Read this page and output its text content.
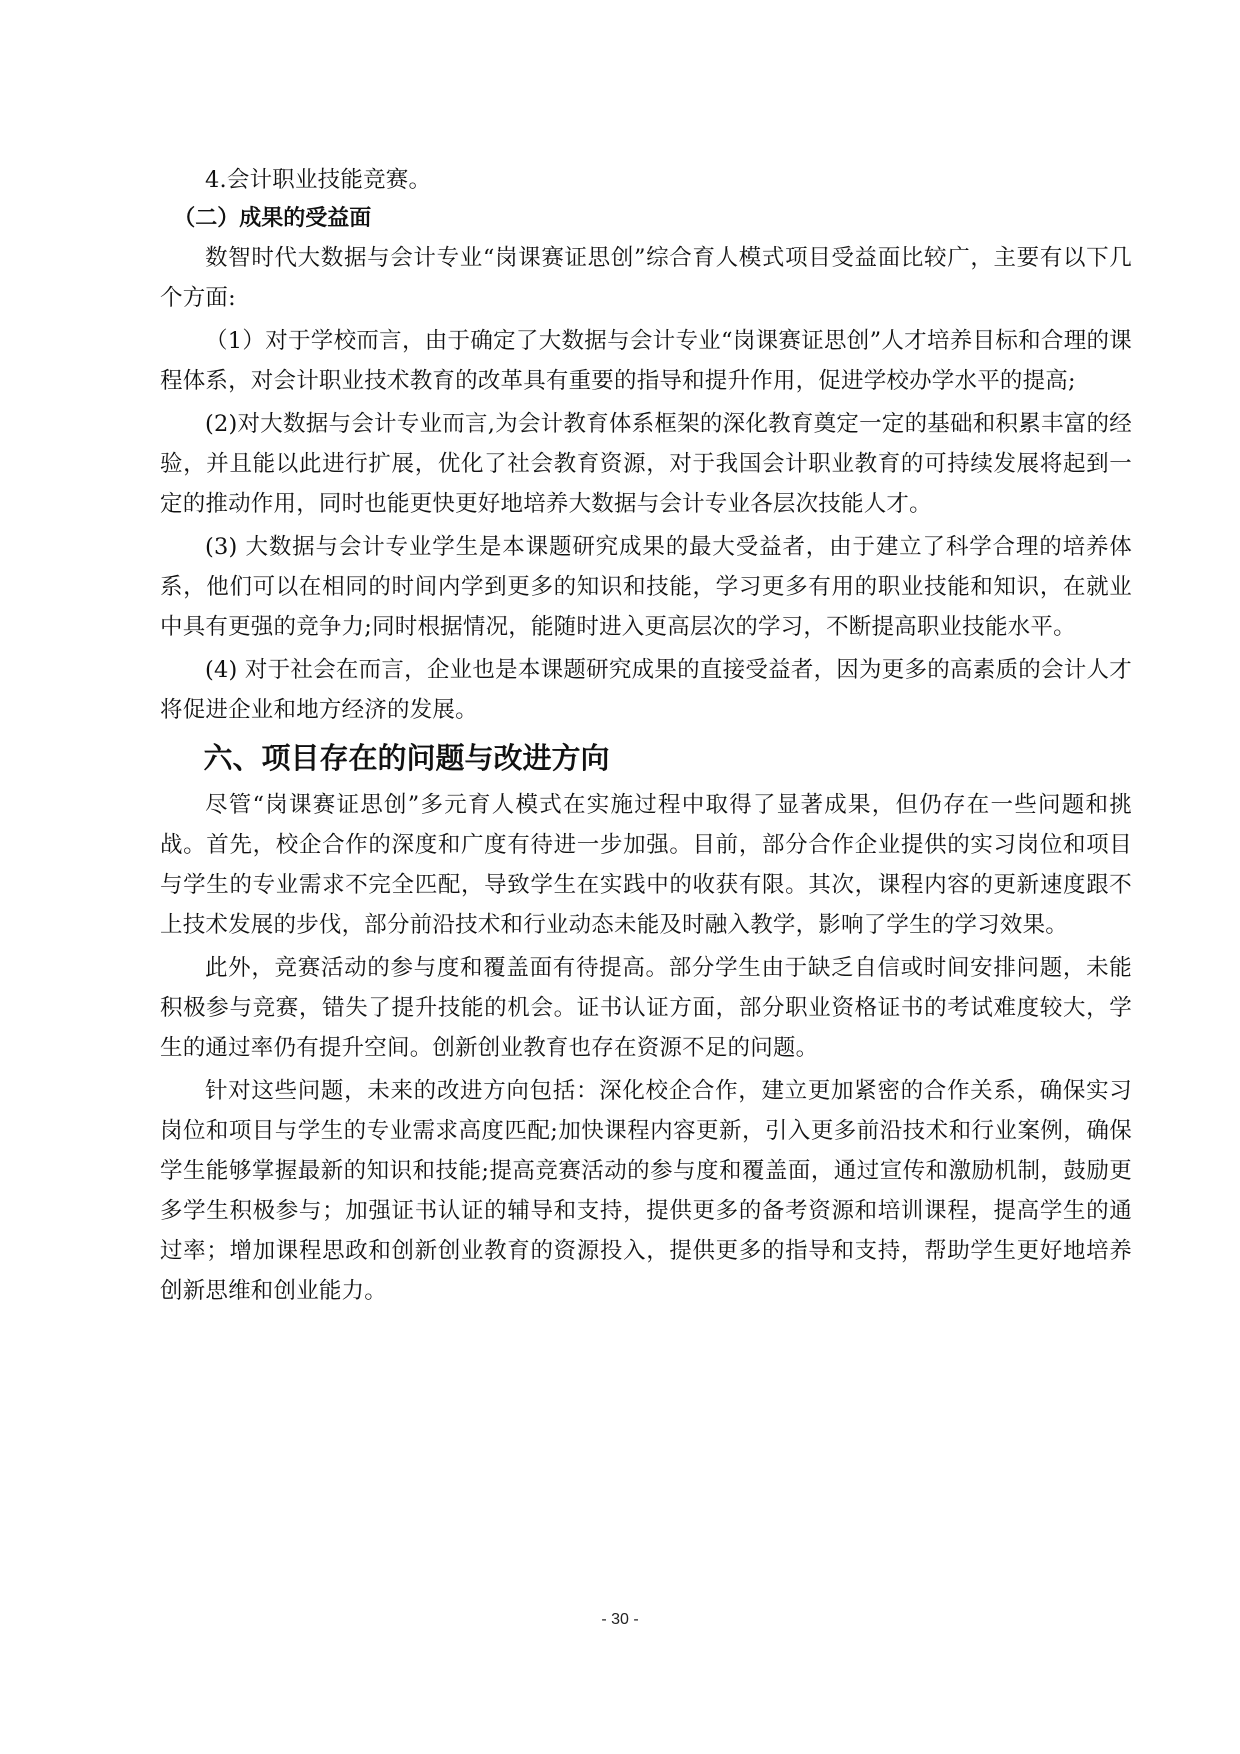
4.会计职业技能竞赛。

（二）成果的受益面

数智时代大数据与会计专业“岗课赛证思创”综合育人模式项目受益面比较广，主要有以下几个方面:

（1）对于学校而言，由于确定了大数据与会计专业“岗课赛证思创”人才培养目标和合理的课程体系，对会计职业技术教育的改革具有重要的指导和提升作用，促进学校办学水平的提高;

(2)对大数据与会计专业而言,为会计教育体系框架的深化教育奠定一定的基础和积累丰富的经验，并且能以此进行扩展，优化了社会教育资源，对于我国会计职业教育的可持续发展将起到一定的推动作用，同时也能更快更好地培养大数据与会计专业各层次技能人才。

(3) 大数据与会计专业学生是本课题研究成果的最大受益者，由于建立了科学合理的培养体系，他们可以在相同的时间内学到更多的知识和技能，学习更多有用的职业技能和知识，在就业中具有更强的竞争力;同时根据情况，能随时进入更高层次的学习，不断提高职业技能水平。

(4) 对于社会在而言，企业也是本课题研究成果的直接受益者，因为更多的高素质的会计人才将促进企业和地方经济的发展。

六、项目存在的问题与改进方向

尽管“岗课赛证思创”多元育人模式在实施过程中取得了显著成果，但仍存在一些问题和挑战。首先，校企合作的深度和广度有待进一步加强。目前，部分合作企业提供的实习岗位和项目与学生的专业需求不完全匹配，导致学生在实践中的收获有限。其次，课程内容的更新速度跟不上技术发展的步伐，部分前沿技术和行业动态未能及时融入教学，影响了学生的学习效果。

此外，竞赛活动的参与度和覆盖面有待提高。部分学生由于缺乏自信或时间安排问题，未能积极参与竞赛，错失了提升技能的机会。证书认证方面，部分职业资格证书的考试难度较大，学生的通过率仍有提升空间。创新创业教育也存在资源不足的问题。

针对这些问题，未来的改进方向包括：深化校企合作，建立更加紧密的合作关系，确保实习岗位和项目与学生的专业需求高度匹配;加快课程内容更新，引入更多前沿技术和行业案例，确保学生能够掌握最新的知识和技能;提高竞赛活动的参与度和覆盖面，通过宣传和激励机制，鼓励更多学生积极参与；加强证书认证的辅导和支持，提供更多的备考资源和培训课程，提高学生的通过率；增加课程思政和创新创业教育的资源投入，提供更多的指导和支持，帮助学生更好地培养创新思维和创业能力。

- 30 -
